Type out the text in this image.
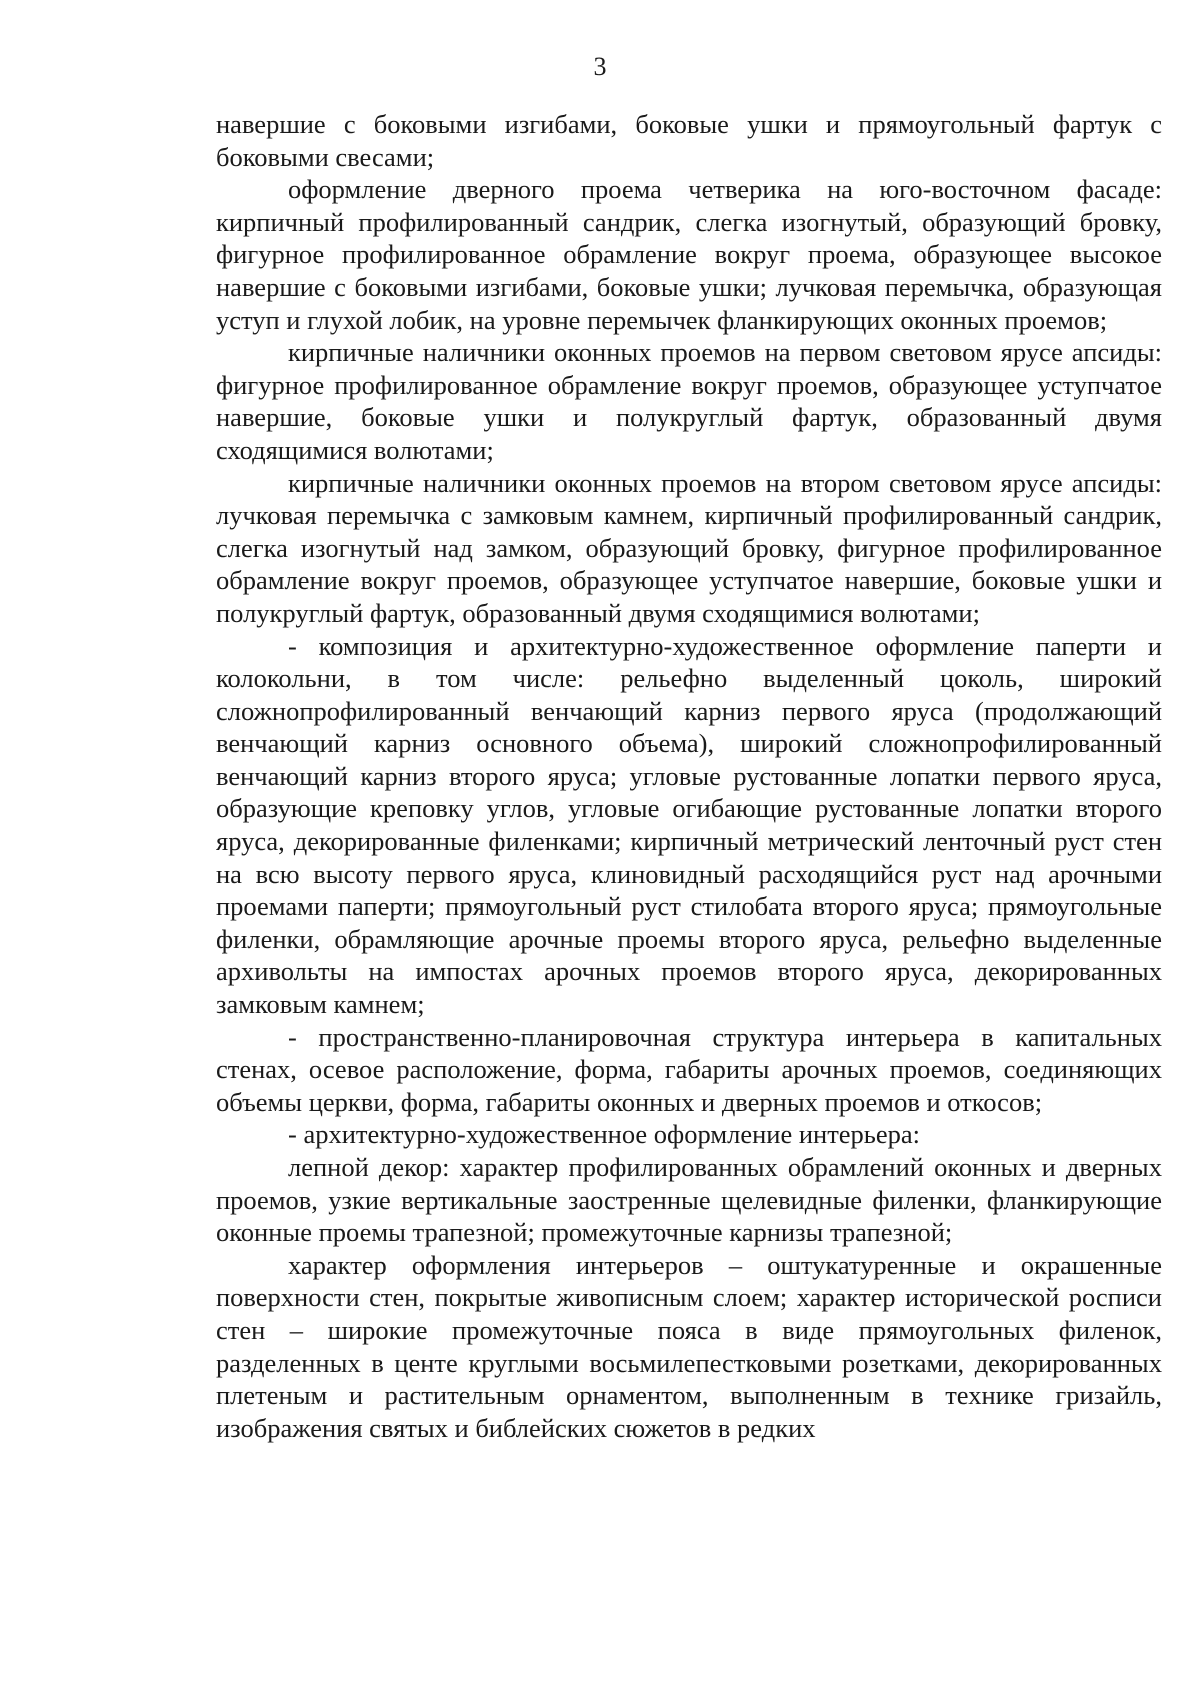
3

навершие с боковыми изгибами, боковые ушки и прямоугольный фартук с боковыми свесами;

оформление дверного проема четверика на юго-восточном фасаде: кирпичный профилированный сандрик, слегка изогнутый, образующий бровку, фигурное профилированное обрамление вокруг проема, образующее высокое навершие с боковыми изгибами, боковые ушки; лучковая перемычка, образующая уступ и глухой лобик, на уровне перемычек фланкирующих оконных проемов;

кирпичные наличники оконных проемов на первом световом ярусе апсиды: фигурное профилированное обрамление вокруг проемов, образующее уступчатое навершие, боковые ушки и полукруглый фартук, образованный двумя сходящимися волютами;

кирпичные наличники оконных проемов на втором световом ярусе апсиды: лучковая перемычка с замковым камнем, кирпичный профилированный сандрик, слегка изогнутый над замком, образующий бровку, фигурное профилированное обрамление вокруг проемов, образующее уступчатое навершие, боковые ушки и полукруглый фартук, образованный двумя сходящимися волютами;

- композиция и архитектурно-художественное оформление паперти и колокольни, в том числе: рельефно выделенный цоколь, широкий сложнопрофилированный венчающий карниз первого яруса (продолжающий венчающий карниз основного объема), широкий сложнопрофилированный венчающий карниз второго яруса; угловые рустованные лопатки первого яруса, образующие креповку углов, угловые огибающие рустованные лопатки второго яруса, декорированные филенками; кирпичный метрический ленточный руст стен на всю высоту первого яруса, клиновидный расходящийся руст над арочными проемами паперти; прямоугольный руст стилобата второго яруса; прямоугольные филенки, обрамляющие арочные проемы второго яруса, рельефно выделенные архивольты на импостах арочных проемов второго яруса, декорированных замковым камнем;

- пространственно-планировочная структура интерьера в капитальных стенах, осевое расположение, форма, габариты арочных проемов, соединяющих объемы церкви, форма, габариты оконных и дверных проемов и откосов;

- архитектурно-художественное оформление интерьера:

лепной декор: характер профилированных обрамлений оконных и дверных проемов, узкие вертикальные заостренные щелевидные филенки, фланкирующие оконные проемы трапезной; промежуточные карнизы трапезной;

характер оформления интерьеров – оштукатуренные и окрашенные поверхности стен, покрытые живописным слоем; характер исторической росписи стен – широкие промежуточные пояса в виде прямоугольных филенок, разделенных в центе круглыми восьмилепестковыми розетками, декорированных плетеным и растительным орнаментом, выполненным в технике гризайль, изображения святых и библейских сюжетов в редких
